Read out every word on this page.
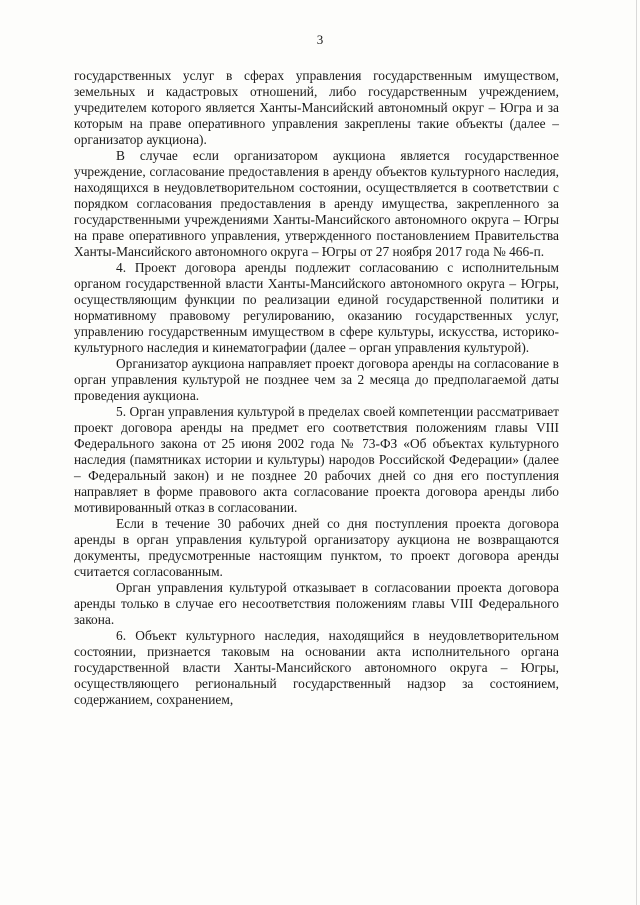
3

государственных услуг в сферах управления государственным имуществом, земельных и кадастровых отношений, либо государственным учреждением, учредителем которого является Ханты-Мансийский автономный округ – Югра и за которым на праве оперативного управления закреплены такие объекты (далее – организатор аукциона).

В случае если организатором аукциона является государственное учреждение, согласование предоставления в аренду объектов культурного наследия, находящихся в неудовлетворительном состоянии, осуществляется в соответствии с порядком согласования предоставления в аренду имущества, закрепленного за государственными учреждениями Ханты-Мансийского автономного округа – Югры на праве оперативного управления, утвержденного постановлением Правительства Ханты-Мансийского автономного округа – Югры от 27 ноября 2017 года № 466-п.

4. Проект договора аренды подлежит согласованию с исполнительным органом государственной власти Ханты-Мансийского автономного округа – Югры, осуществляющим функции по реализации единой государственной политики и нормативному правовому регулированию, оказанию государственных услуг, управлению государственным имуществом в сфере культуры, искусства, историко-культурного наследия и кинематографии (далее – орган управления культурой).

Организатор аукциона направляет проект договора аренды на согласование в орган управления культурой не позднее чем за 2 месяца до предполагаемой даты проведения аукциона.

5. Орган управления культурой в пределах своей компетенции рассматривает проект договора аренды на предмет его соответствия положениям главы VIII Федерального закона от 25 июня 2002 года № 73-ФЗ «Об объектах культурного наследия (памятниках истории и культуры) народов Российской Федерации» (далее – Федеральный закон) и не позднее 20 рабочих дней со дня его поступления направляет в форме правового акта согласование проекта договора аренды либо мотивированный отказ в согласовании.

Если в течение 30 рабочих дней со дня поступления проекта договора аренды в орган управления культурой организатору аукциона не возвращаются документы, предусмотренные настоящим пунктом, то проект договора аренды считается согласованным.

Орган управления культурой отказывает в согласовании проекта договора аренды только в случае его несоответствия положениям главы VIII Федерального закона.

6. Объект культурного наследия, находящийся в неудовлетворительном состоянии, признается таковым на основании акта исполнительного органа государственной власти Ханты-Мансийского автономного округа – Югры, осуществляющего региональный государственный надзор за состоянием, содержанием, сохранением,
